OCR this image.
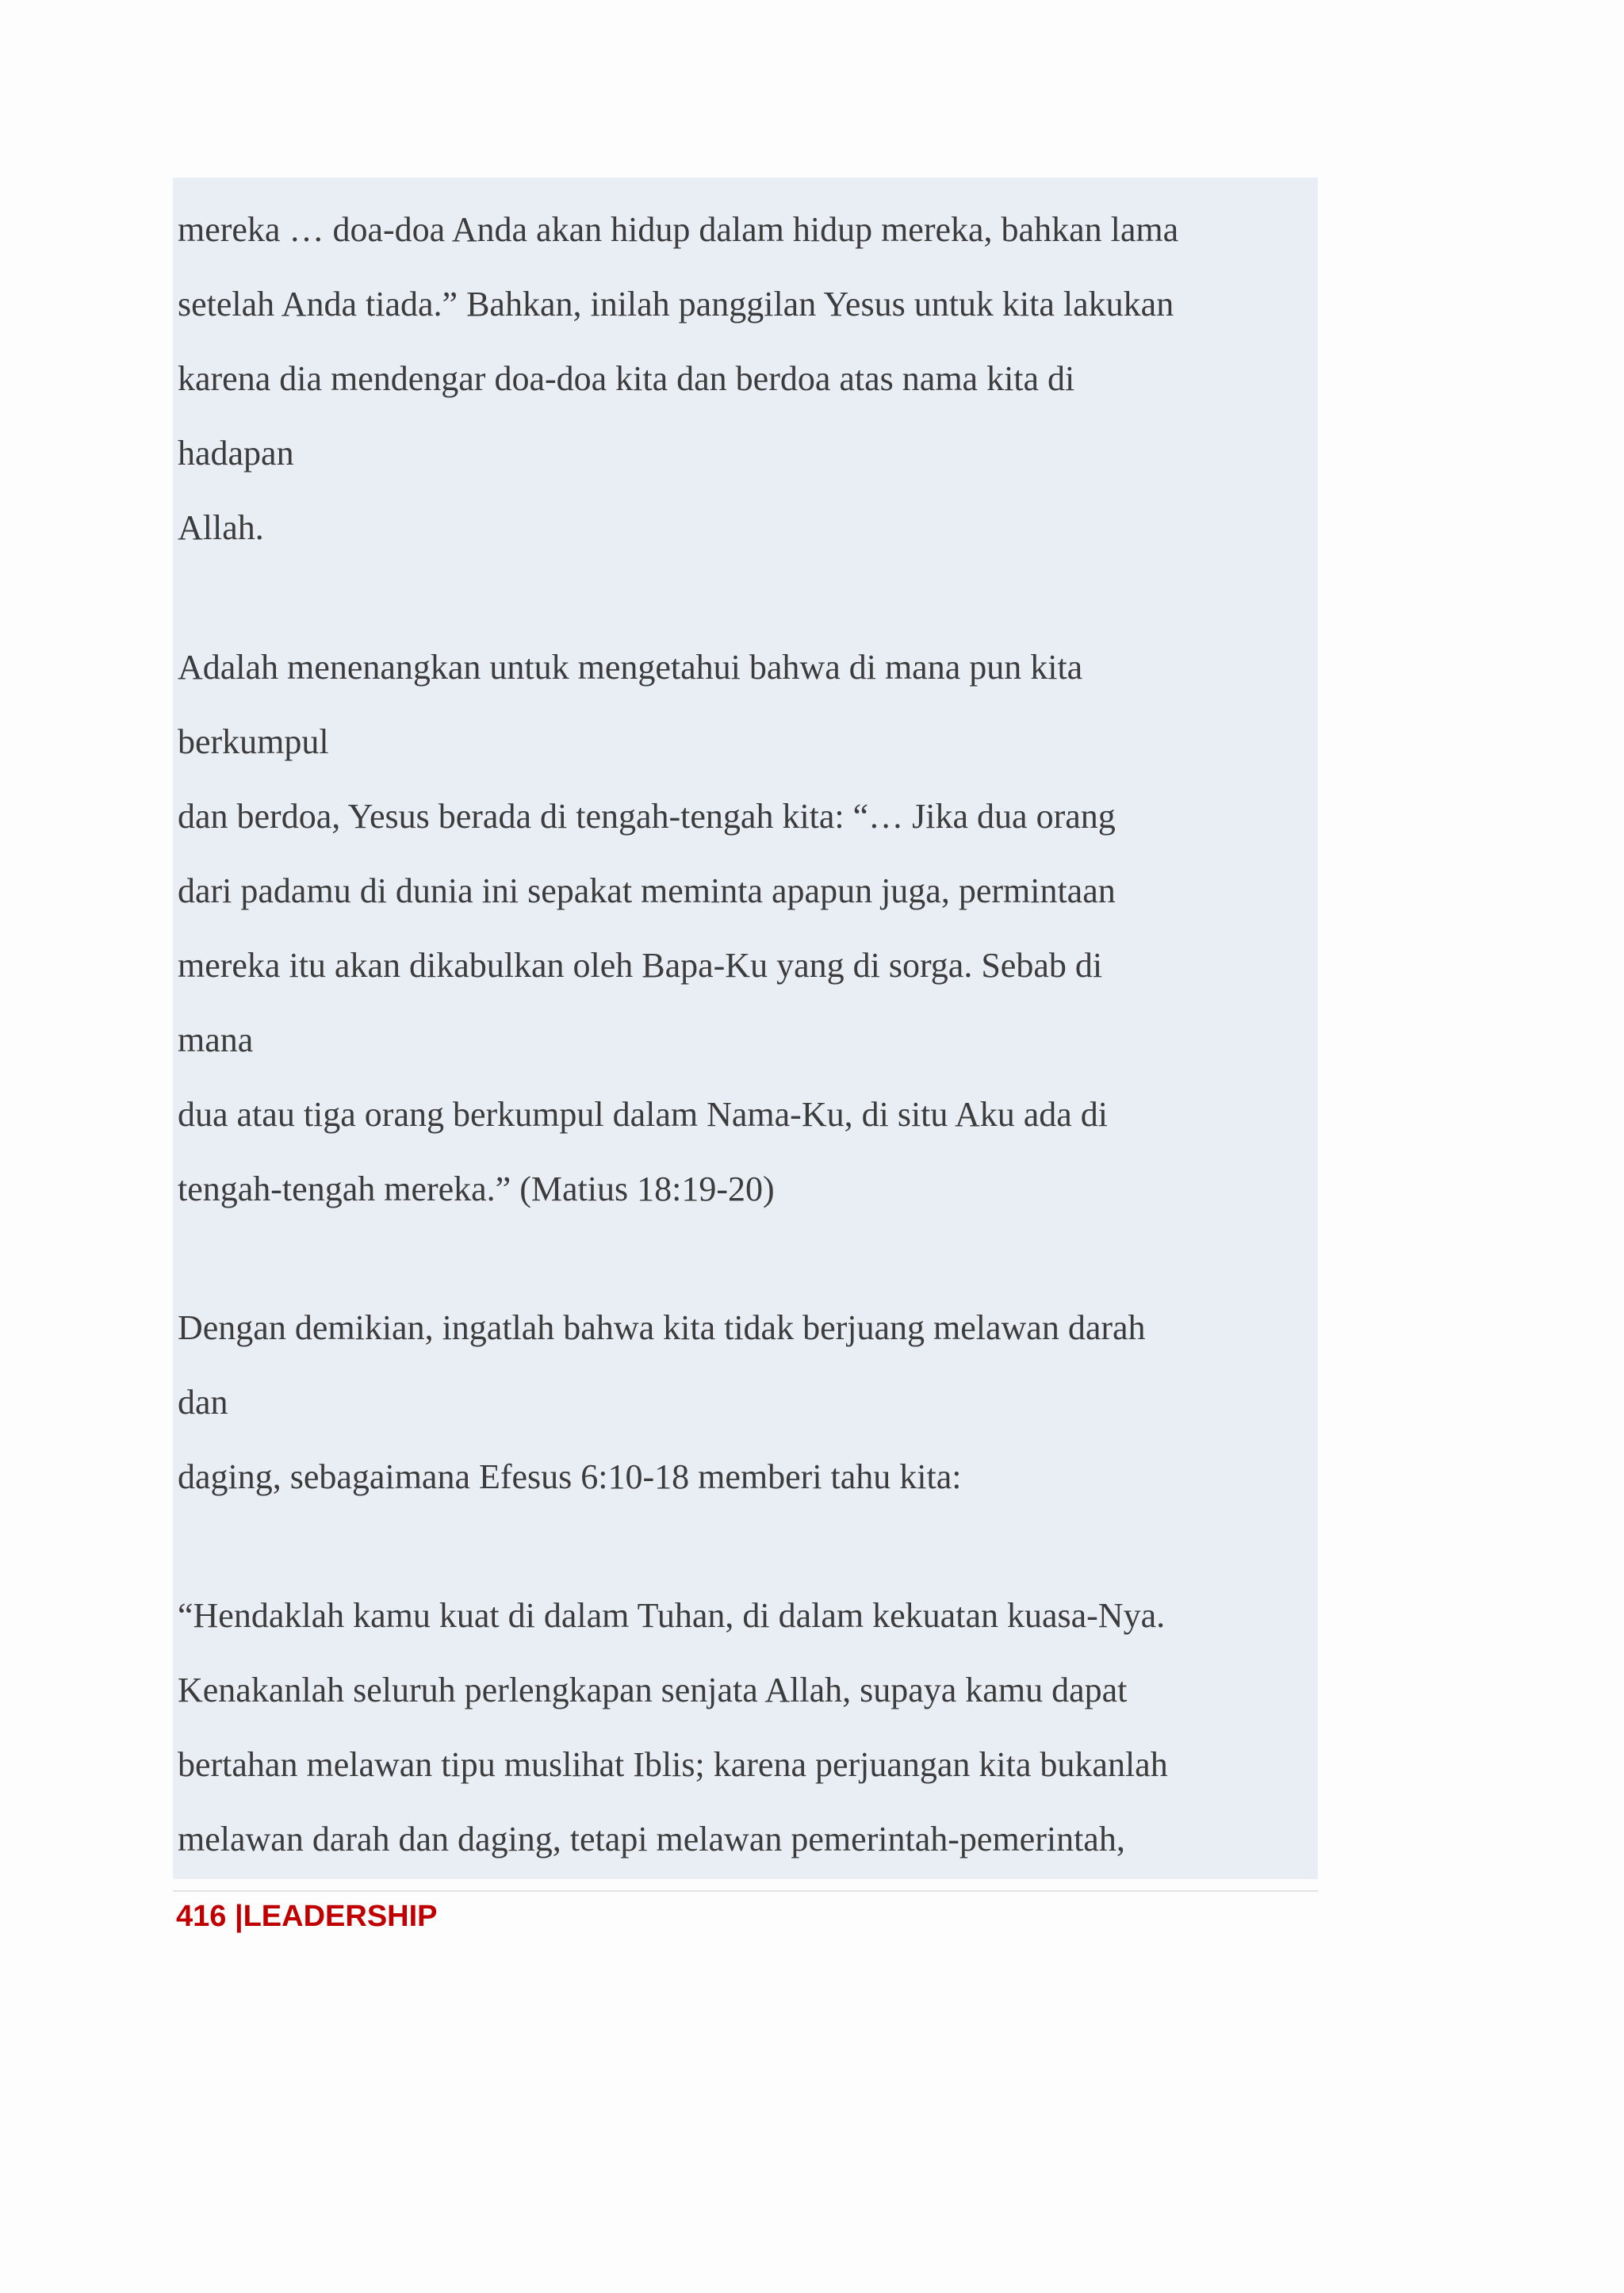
mereka … doa-doa Anda akan hidup dalam hidup mereka, bahkan lama

setelah Anda tiada.” Bahkan, inilah panggilan Yesus untuk kita lakukan

karena dia mendengar doa-doa kita dan berdoa atas nama kita di

hadapan

Allah.

Adalah menenangkan untuk mengetahui bahwa di mana pun kita

berkumpul

dan berdoa, Yesus berada di tengah-tengah kita: “… Jika dua orang

dari padamu di dunia ini sepakat meminta apapun juga, permintaan

mereka itu akan dikabulkan oleh Bapa-Ku yang di sorga. Sebab di

mana

dua atau tiga orang berkumpul dalam Nama-Ku, di situ Aku ada di

tengah-tengah mereka.” (Matius 18:19-20)

Dengan demikian, ingatlah bahwa kita tidak berjuang melawan darah

dan

daging, sebagaimana Efesus 6:10-18 memberi tahu kita:

“Hendaklah kamu kuat di dalam Tuhan, di dalam kekuatan kuasa-Nya.

Kenakanlah seluruh perlengkapan senjata Allah, supaya kamu dapat

bertahan melawan tipu muslihat Iblis; karena perjuangan kita bukanlah

melawan darah dan daging, tetapi melawan pemerintah-pemerintah,

416 |LEADERSHIP
